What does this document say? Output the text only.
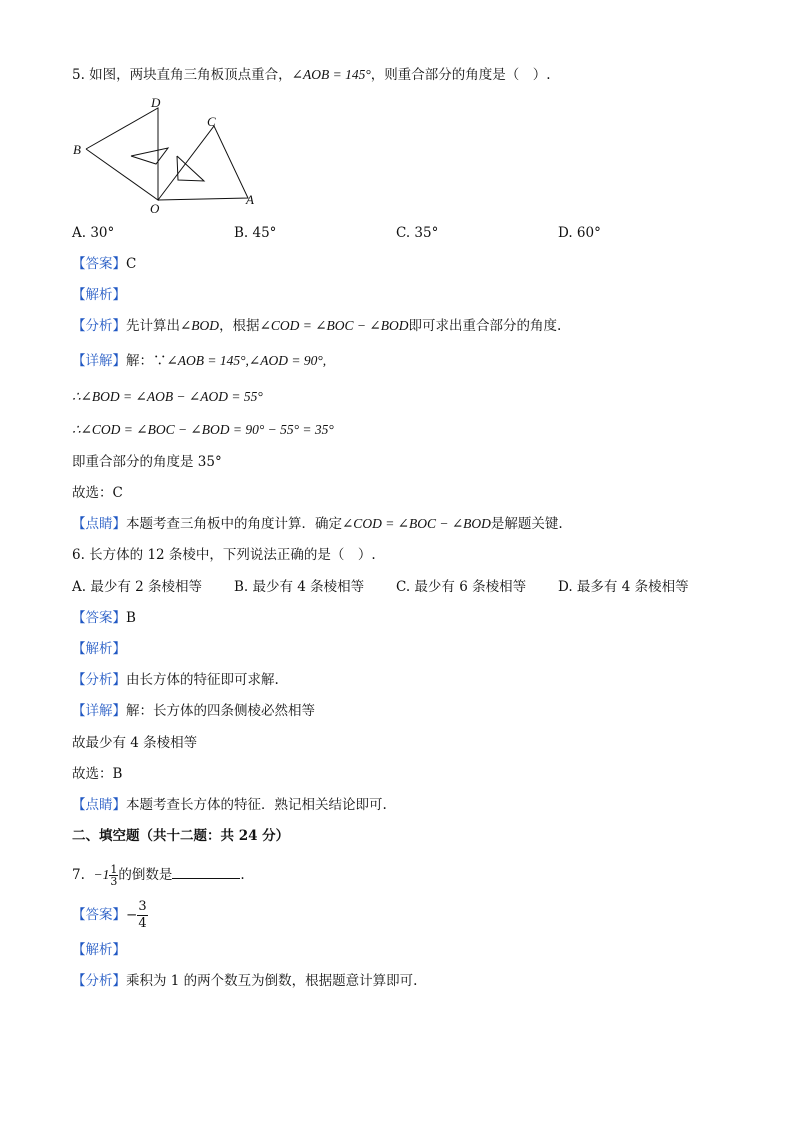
5. 如图，两块直角三角板顶点重合，∠AOB = 145°，则重合部分的角度是（　）.
D
C
B
O
A
A. 30°	B. 45°	C. 35°	D. 60°
【答案】C
【解析】
【分析】先计算出∠BOD，根据∠COD = ∠BOC − ∠BOD即可求出重合部分的角度.
【详解】解：∵∠AOB = 145°,∠AOD = 90°,
∴∠BOD = ∠AOB − ∠AOD = 55°
∴∠COD = ∠BOC − ∠BOD = 90° − 55° = 35°
即重合部分的角度是 35°
故选：C
【点睛】本题考查三角板中的角度计算．确定∠COD = ∠BOC − ∠BOD是解题关键.
6. 长方体的 12 条棱中，下列说法正确的是（　）.
A. 最少有 2 条棱相等 B. 最少有 4 条棱相等 C. 最少有 6 条棱相等 D. 最多有 4 条棱相等
【答案】B
【解析】
【分析】由长方体的特征即可求解.
【详解】解：长方体的四条侧棱必然相等
故最少有 4 条棱相等
故选：B
【点睛】本题考查长方体的特征．熟记相关结论即可.
二、填空题（共十二题：共 24 分）
7. $-1 \frac{1}{3}$ 的倒数是	.
【答案】− $\frac{3}{4}$
【解析】
【分析】乘积为 1 的两个数互为倒数，根据题意计算即可.
